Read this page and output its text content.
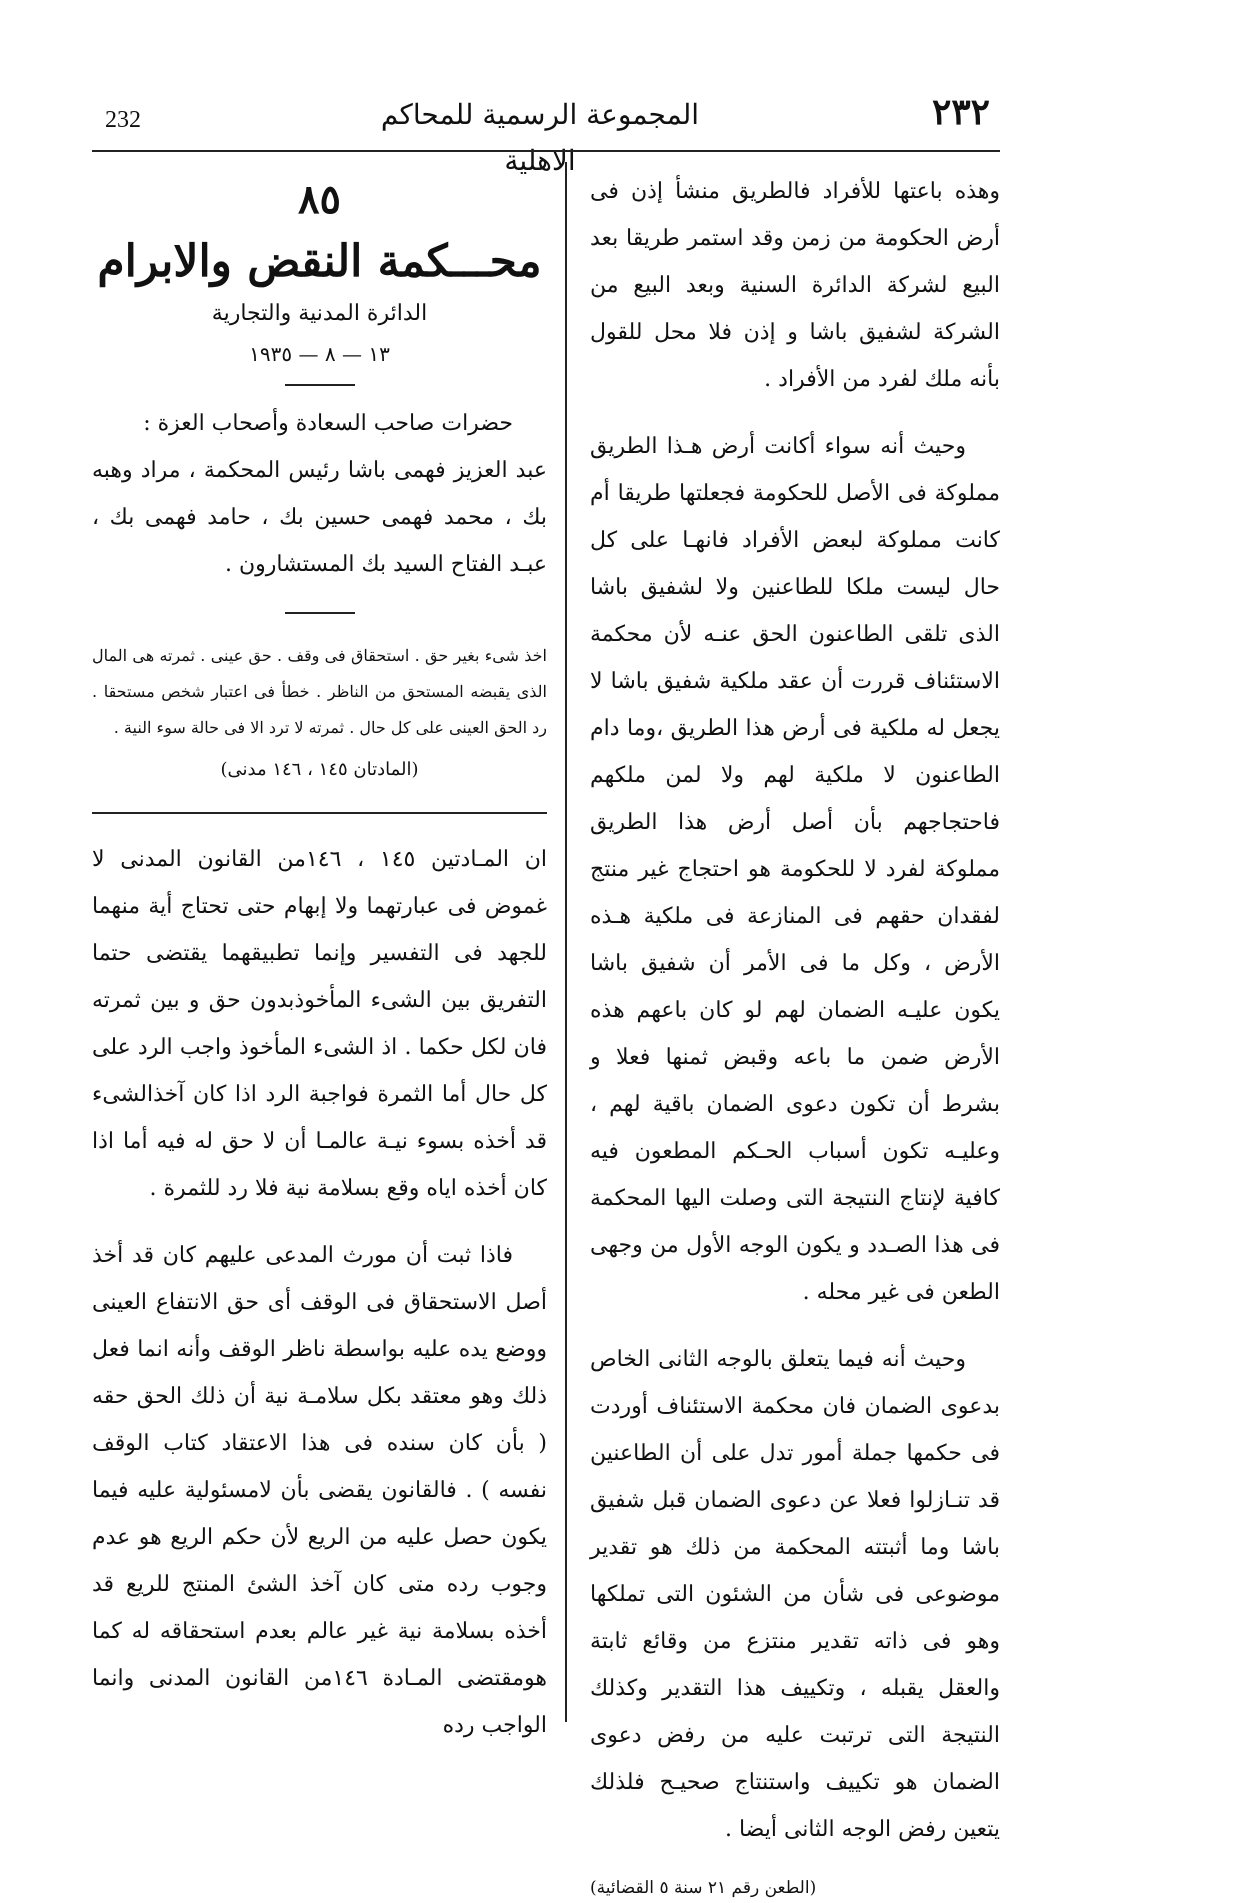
232	المجموعة الرسمية للمحاكم الاهلية
٢٣٢

وهذه باعتها للأفراد فالطريق منشأ إذن فى أرض الحكومة من زمن وقد استمر طريقا بعد البيع لشركة الدائرة السنية وبعد البيع من الشركة لشفيق باشا و إذن فلا محل للقول بأنه ملك لفرد من الأفراد .

وحيث أنه سواء أكانت أرض هـذا الطريق مملوكة فى الأصل للحكومة فجعلتها طريقا أم كانت مملوكة لبعض الأفراد فانهـا على كل حال ليست ملكا للطاعنين ولا لشفيق باشا الذى تلقى الطاعنون الحق عنـه لأن محكمة الاستئناف قررت أن عقد ملكية شفيق باشا لا يجعل له ملكية فى أرض هذا الطريق ،وما دام الطاعنون لا ملكية لهم ولا لمن ملكهم فاحتجاجهم بأن أصل أرض هذا الطريق مملوكة لفرد لا للحكومة هو احتجاج غير منتج لفقدان حقهم فى المنازعة فى ملكية هـذه الأرض ، وكل ما فى الأمر أن شفيق باشا يكون عليـه الضمان لهم لو كان باعهم هذه الأرض ضمن ما باعه وقبض ثمنها فعلا و بشرط أن تكون دعوى الضمان باقية لهم ، وعليـه تكون أسباب الحـكم المطعون فيه كافية لإنتاج النتيجة التى وصلت اليها المحكمة فى هذا الصـدد و يكون الوجه الأول من وجهى الطعن فى غير محله .

وحيث أنه فيما يتعلق بالوجه الثانى الخاص بدعوى الضمان فان محكمة الاستئناف أوردت فى حكمها جملة أمور تدل على أن الطاعنين قد تنـازلوا فعلا عن دعوى الضمان قبل شفيق باشا وما أثبتته المحكمة من ذلك هو تقدير موضوعى فى شأن من الشئون التى تملكها وهو فى ذاته تقدير منتزع من وقائع ثابتة والعقل يقبله ، وتكييف هذا التقدير وكذلك النتيجة التى ترتبت عليه من رفض دعوى الضمان هو تكييف واستنتاج صحيـح فلذلك يتعين رفض الوجه الثانى أيضا .

(الطعن رقم ٢١ سنة ٥ القضائية)

٨٥

محـــكمة النقض والابرام

الدائرة المدنية والتجارية

١٣ — ٨ — ١٩٣٥

حضرات صاحب السعادة وأصحاب العزة :

عبد العزيز فهمى باشا رئيس المحكمة ، مراد وهبه بك ، محمد فهمى حسين بك ، حامد فهمى بك ، عبـد الفتاح السيد بك المستشارون .

اخذ شىء بغير حق . استحقاق فى وقف . حق عينى . ثمرته هى المال الذى يقبضه المستحق من الناظر . خطأ فى اعتبار شخص مستحقا . رد الحق العينى على كل حال . ثمرته لا ترد الا فى حالة سوء النية .

(المادتان ١٤٥ ، ١٤٦ مدنى)

ان المـادتين ١٤٥ ، ١٤٦من القانون المدنى لا غموض فى عبارتهما ولا إبهام حتى تحتاج أية منهما للجهد فى التفسير وإنما تطبيقهما يقتضى حتما التفريق بين الشىء المأخوذبدون حق و بين ثمرته فان لكل حكما . اذ الشىء المأخوذ واجب الرد على كل حال أما الثمرة فواجبة الرد اذا كان آخذالشىء قد أخذه بسوء نيـة عالمـا أن لا حق له فيه أما اذا كان أخذه اياه وقع بسلامة نية فلا رد للثمرة .

فاذا ثبت أن مورث المدعى عليهم كان قد أخذ أصل الاستحقاق فى الوقف أى حق الانتفاع العينى ووضع يده عليه بواسطة ناظر الوقف وأنه انما فعل ذلك وهو معتقد بكل سلامـة نية أن ذلك الحق حقه ( بأن كان سنده فى هذا الاعتقاد كتاب الوقف نفسه ) . فالقانون يقضى بأن لامسئولية عليه فيما يكون حصل عليه من الريع لأن حكم الريع هو عدم وجوب رده متى كان آخذ الشئ المنتج للريع قد أخذه بسلامة نية غير عالم بعدم استحقاقه له كما هومقتضى المـادة ١٤٦من القانون المدنى وانما الواجب رده
